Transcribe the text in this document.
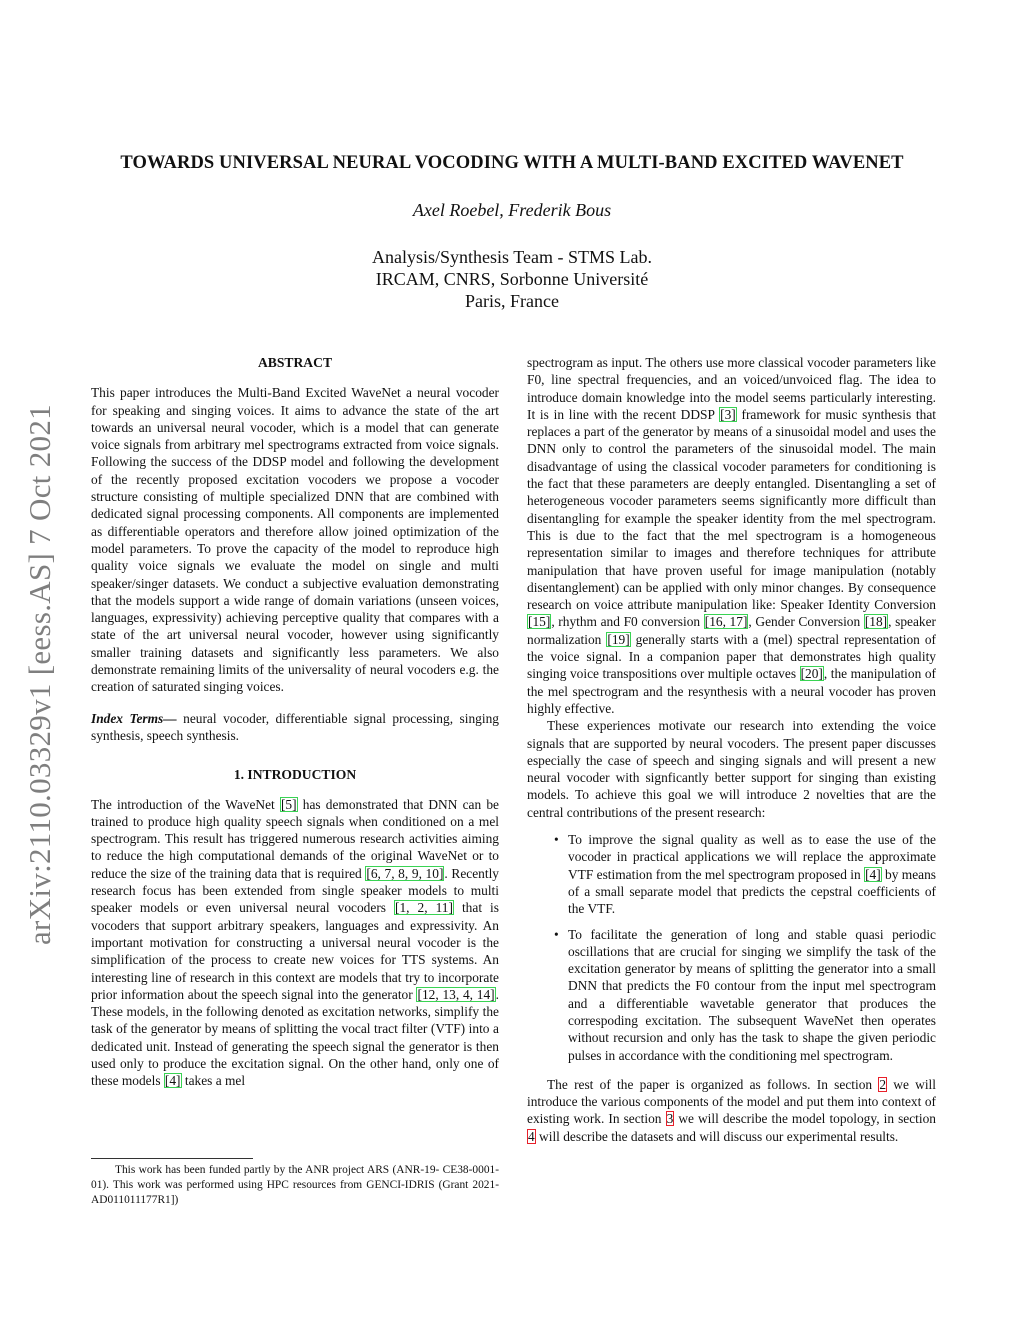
arXiv:2110.03329v1 [eess.AS] 7 Oct 2021
TOWARDS UNIVERSAL NEURAL VOCODING WITH A MULTI-BAND EXCITED WAVENET
Axel Roebel, Frederik Bous
Analysis/Synthesis Team - STMS Lab.
IRCAM, CNRS, Sorbonne Université
Paris, France
ABSTRACT

This paper introduces the Multi-Band Excited WaveNet a neural vocoder for speaking and singing voices. It aims to advance the state of the art towards an universal neural vocoder, which is a model that can generate voice signals from arbitrary mel spectrograms extracted from voice signals. Following the success of the DDSP model and following the development of the recently proposed excitation vocoders we propose a vocoder structure consisting of multiple specialized DNN that are combined with dedicated signal processing components. All components are implemented as differentiable operators and therefore allow joined optimization of the model parameters. To prove the capacity of the model to reproduce high quality voice signals we evaluate the model on single and multi speaker/singer datasets. We conduct a subjective evaluation demonstrating that the models support a wide range of domain variations (unseen voices, languages, expressivity) achieving perceptive quality that compares with a state of the art universal neural vocoder, however using significantly smaller training datasets and significantly less parameters. We also demonstrate remaining limits of the universality of neural vocoders e.g. the creation of saturated singing voices.

Index Terms— neural vocoder, differentiable signal processing, singing synthesis, speech synthesis.

1. INTRODUCTION

The introduction of the WaveNet [5] has demonstrated that DNN can be trained to produce high quality speech signals when conditioned on a mel spectrogram. This result has triggered numerous research activities aiming to reduce the high computational demands of the original WaveNet or to reduce the size of the training data that is required [6, 7, 8, 9, 10]. Recently research focus has been extended from single speaker models to multi speaker models or even universal neural vocoders [1, 2, 11] that is vocoders that support arbitrary speakers, languages and expressivity. An important motivation for constructing a universal neural vocoder is the simplification of the process to create new voices for TTS systems. An interesting line of research in this context are models that try to incorporate prior information about the speech signal into the generator [12, 13, 4, 14]. These models, in the following denoted as excitation networks, simplify the task of the generator by means of splitting the vocal tract filter (VTF) into a dedicated unit. Instead of generating the speech signal the generator is then used only to produce the excitation signal. On the other hand, only one of these models [4] takes a mel

This work has been funded partly by the ANR project ARS (ANR-19- CE38-0001-01). This work was performed using HPC resources from GENCI-IDRIS (Grant 2021-AD011011177R1])

spectrogram as input. The others use more classical vocoder parameters like F0, line spectral frequencies, and an voiced/unvoiced flag. The idea to introduce domain knowledge into the model seems particularly interesting. It is in line with the recent DDSP [3] framework for music synthesis that replaces a part of the generator by means of a sinusoidal model and uses the DNN only to control the parameters of the sinusoidal model. The main disadvantage of using the classical vocoder parameters for conditioning is the fact that these parameters are deeply entangled. Disentangling a set of heterogeneous vocoder parameters seems significantly more difficult than disentangling for example the speaker identity from the mel spectrogram. This is due to the fact that the mel spectrogram is a homogeneous representation similar to images and therefore techniques for attribute manipulation that have proven useful for image manipulation (notably disentanglement) can be applied with only minor changes. By consequence research on voice attribute manipulation like: Speaker Identity Conversion [15], rhythm and F0 conversion [16, 17], Gender Conversion [18], speaker normalization [19] generally starts with a (mel) spectral representation of the voice signal. In a companion paper that demonstrates high quality singing voice transpositions over multiple octaves [20], the manipulation of the mel spectrogram and the resynthesis with a neural vocoder has proven highly effective.

These experiences motivate our research into extending the voice signals that are supported by neural vocoders. The present paper discusses especially the case of speech and singing signals and will present a new neural vocoder with signficantly better support for singing than existing models. To achieve this goal we will introduce 2 novelties that are the central contributions of the present research:

• To improve the signal quality as well as to ease the use of the vocoder in practical applications we will replace the approximate VTF estimation from the mel spectrogram proposed in [4] by means of a small separate model that predicts the cepstral coefficients of the VTF.
• To facilitate the generation of long and stable quasi periodic oscillations that are crucial for singing we simplify the task of the excitation generator by means of splitting the generator into a small DNN that predicts the F0 contour from the input mel spectrogram and a differentiable wavetable generator that produces the correspoding excitation. The subsequent WaveNet then operates without recursion and only has the task to shape the given periodic pulses in accordance with the conditioning mel spectrogram.

The rest of the paper is organized as follows. In section 2 we will introduce the various components of the model and put them into context of existing work. In section 3 we will describe the model topology, in section 4 will describe the datasets and will discuss our experimental results.
